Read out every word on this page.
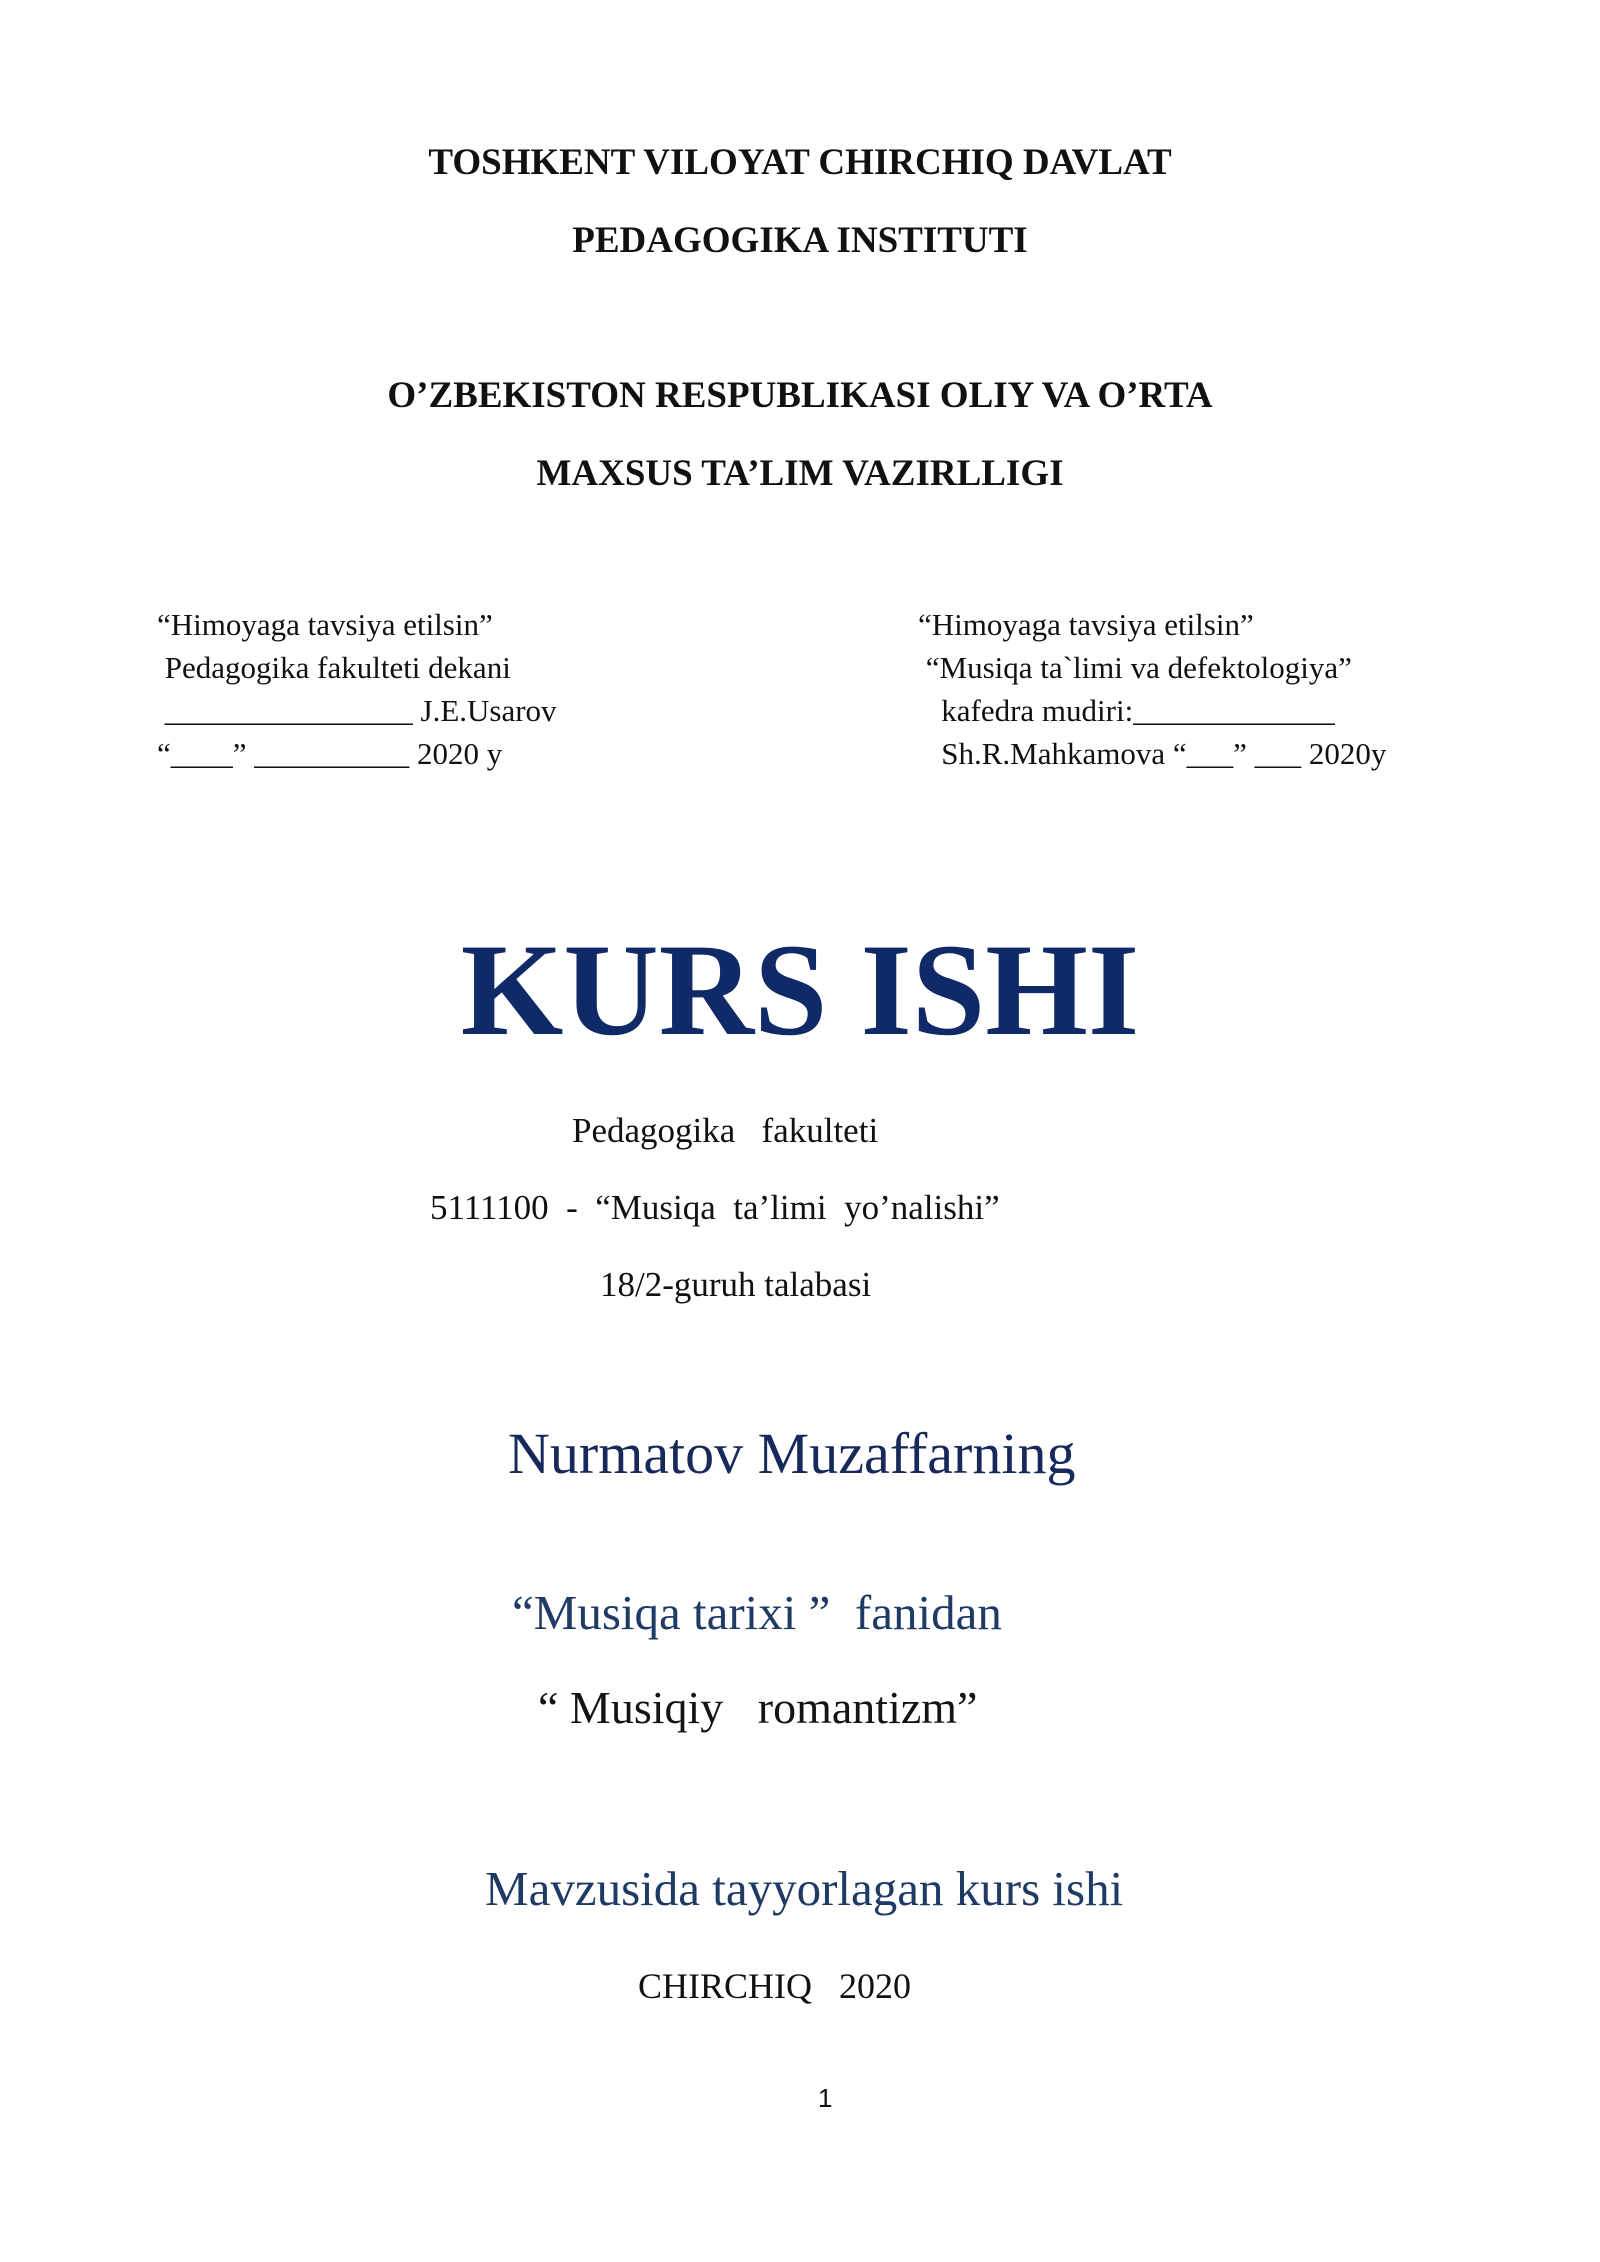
TOSHKENT VILOYAT CHIRCHIQ DAVLAT
PEDAGOGIKA INSTITUTI
O’ZBEKISTON RESPUBLIKASI OLIY VA O’RTA
MAXSUS TA’LIM VAZIRLLIGI
“Himoyaga tavsiya etilsin”
Pedagogika fakulteti dekani
________________ J.E.Usarov
“____” __________ 2020 y
“Himoyaga tavsiya etilsin”
“Musiqa ta`limi va defektologiya”
kafedra mudiri:_____________
Sh.R.Mahkamova “___” ___ 2020y
KURS ISHI
Pedagogika   fakulteti
5111100  -  “Musiqa  ta’limi  yo’nalishi”
18/2-guruh talabasi
Nurmatov Muzaffarning
“Musiqa tarixi ”  fanidan
“ Musiqiy   romantizm”
Mavzusida tayyorlagan kurs ishi
CHIRCHIQ   2020
1
